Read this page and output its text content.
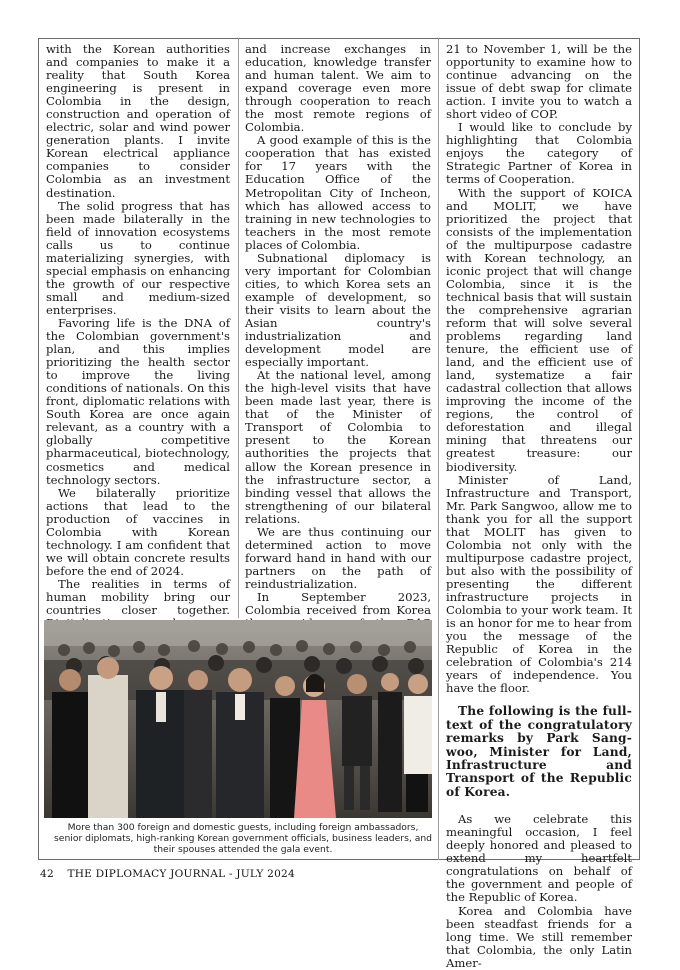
with the Korean authorities and companies to make it a reality that South Korea engineering is present in Colombia in the design, construction and operation of electric, solar and wind power generation plants. I invite Korean electrical appliance companies to consider Colombia as an investment destination.

The solid progress that has been made bilaterally in the field of innovation ecosystems calls us to continue materializing synergies, with special emphasis on enhancing the growth of our respective small and medium-sized enterprises.

Favoring life is the DNA of the Colombian government's plan, and this implies prioritizing the health sector to improve the living conditions of nationals. On this front, diplomatic relations with South Korea are once again relevant, as a country with a globally competitive pharmaceutical, biotechnology, cosmetics and medical technology sectors.

We bilaterally prioritize actions that lead to the production of vaccines in Colombia with Korean technology. I am confident that we will obtain concrete results before the end of 2024.

The realities in terms of human mobility bring our countries closer together.

and increase exchanges in education, knowledge transfer and human talent. We aim to expand coverage even more through cooperation to reach the most remote regions of Colombia.

A good example of this is the cooperation that has existed for 17 years with the Education Office of the Metropolitan City of Incheon, which has allowed access to training in new technologies to teachers in the most remote places of Colombia.

Subnational diplomacy is very important for Colombian cities, to which Korea sets an example of development, so their visits to learn about the Asian country's industrialization and development model are especially important.

At the national level, among the high-level visits that have been made last year, there is that of the Minister of Transport of Colombia to present to the Korean authorities the projects that allow the Korean presence in the infrastructure sector, a binding vessel that allows the strengthening of our bilateral relations.

We are thus continuing our determined action to move forward hand in hand with our partners on the path of reindustrialization.

In September 2023, Colombia received from Korea

21 to November 1, will be the opportunity to examine how to continue advancing on the issue of debt swap for climate action. I invite you to watch a short video of COP.

I would like to conclude by highlighting that Colombia enjoys the category of Strategic Partner of Korea in terms of Cooperation.

With the support of KOICA and MOLIT, we have prioritized the project that consists of the implementation of the multipurpose cadastre with Korean technology, an iconic project that will change Colombia, since it is the technical basis that will sustain the comprehensive agrarian reform that will solve several problems regarding land tenure, the efficient use of land, and the efficient use of land, systematize a fair cadastral collection that allows improving the income of the regions, the control of deforestation and illegal mining that threatens our greatest treasure: our biodiversity.

Minister of Land, Infrastructure and Transport, Mr. Park Sangwoo, allow me to thank you for all the support that MOLIT has given to Colombia not only with the multipurpose cadastre project, but also with the possibility of presenting the different infrastructure projects in Colombia to your work team. It is an honor for me to hear from you the message of the Republic of Korea in the celebration of Colombia's 214 years of independence. You have the floor.

The following is the full-text of the congratulatory remarks by Park Sang-woo, Minister for Land, Infrastructure and Transport of the Republic of Korea.

As we celebrate this meaningful occasion, I feel deeply honored and pleased to extend my heartfelt congratulations on behalf of the government and people of the Republic of Korea.

Korea and Colombia have been steadfast friends for a long time. We still remember that Colombia, the only Latin Amer-

More than 300 foreign and domestic guests, including foreign ambassadors, senior diplomats, high-ranking Korean government officials, business leaders, and their spouses attended the gala event.
42 THE DIPLOMACY JOURNAL - JULY 2024
